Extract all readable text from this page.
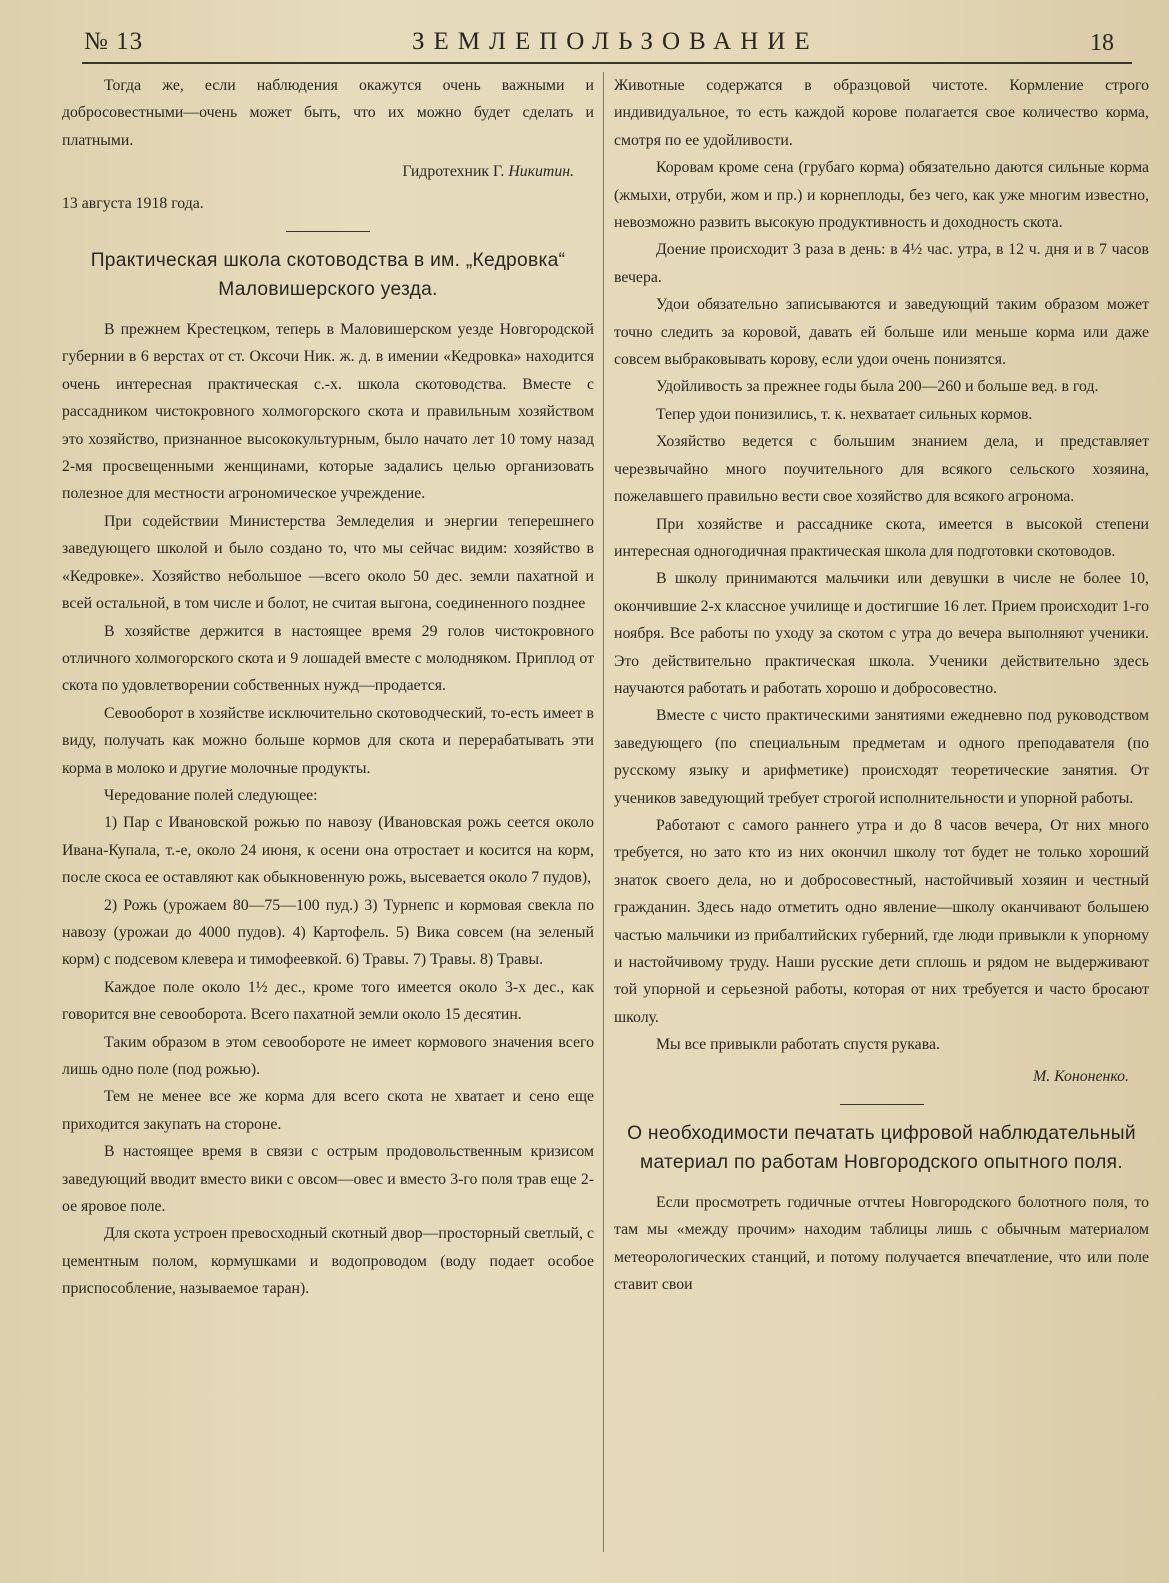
№ 13	ЗЕМЛЕПОЛЬЗОВАНИЕ	18

Тогда же, если наблюдения окажутся очень важными и добросовестными—очень может быть, что их можно будет сделать и платными.

Гидротехник Г. Никитин.

13 августа 1918 года.

Практическая школа скотоводства в им. „Кедровка“ Маловишерского уезда.

В прежнем Крестецком, теперь в Маловишерском уезде Новгородской губернии в 6 верстах от ст. Оксочи Ник. ж. д. в имении «Кедровка» находится очень интересная практическая с.-х. школа скотоводства. Вместе с рассадником чистокровного холмогорского скота и правильным хозяйством это хозяйство, признанное высококультурным, было начато лет 10 тому назад 2-мя просвещенными женщинами, которые задались целью организовать полезное для местности агрономическое учреждение.

При содействии Министерства Земледелия и энергии теперешнего заведующего школой и было создано то, что мы сейчас видим: хозяйство в «Кедровке». Хозяйство небольшое —всего около 50 дес. земли пахатной и всей остальной, в том числе и болот, не считая выгона, соединенного позднее

В хозяйстве держится в настоящее время 29 голов чистокровного отличного холмогорского скота и 9 лошадей вместе с молодняком. Приплод от скота по удовлетворении собственных нужд—продается.

Севооборот в хозяйстве исключительно скотоводческий, то-есть имеет в виду, получать как можно больше кормов для скота и перерабатывать эти корма в молоко и другие молочные продукты.

Чередование полей следующее:

1) Пар с Ивановской рожью по навозу (Ивановская рожь сеется около Ивана-Купала, т.-е, около 24 июня, к осени она отростает и косится на корм, после скоса ее оставляют как обыкновенную рожь, высевается около 7 пудов),

2) Рожь (урожаем 80—75—100 пуд.) 3) Турнепс и кормовая свекла по навозу (урожаи до 4000 пудов). 4) Картофель. 5) Вика совсем (на зеленый корм) с подсевом клевера и тимофеевкой. 6) Травы. 7) Травы. 8) Травы.

Каждое поле около 1½ дес., кроме того имеется около 3-х дес., как говорится вне севооборота. Всего пахатной земли около 15 десятин.

Таким образом в этом севообороте не имеет кормового значения всего лишь одно поле (под рожью).

Тем не менее все же корма для всего скота не хватает и сено еще приходится закупать на стороне.

В настоящее время в связи с острым продовольственным кризисом заведующий вводит вместо вики с овсом—овес и вместо 3-го поля трав еще 2-ое яровое поле.

Для скота устроен превосходный скотный двор—просторный светлый, с цементным полом, кормушками и водопроводом (воду подает особое приспособление, называемое таран).

Животные содержатся в образцовой чистоте. Кормление строго индивидуальное, то есть каждой корове полагается свое количество корма, смотря по ее удойливости.

Коровам кроме сена (грубаго корма) обязательно даются сильные корма (жмыхи, отруби, жом и пр.) и корнеплоды, без чего, как уже многим известно, невозможно развить высокую продуктивность и доходность скота.

Доение происходит 3 раза в день: в 4½ час. утра, в 12 ч. дня и в 7 часов вечера.

Удои обязательно записываются и заведующий таким образом может точно следить за коровой, давать ей больше или меньше корма или даже совсем выбраковывать корову, если удои очень понизятся.

Удойливость за прежнее годы была 200—260 и больше вед. в год.

Тепер удои понизились, т. к. нехватает сильных кормов.

Хозяйство ведется с большим знанием дела, и представляет черезвычайно много поучительного для всякого сельского хозяина, пожелавшего правильно вести свое хозяйство для всякого агронома.

При хозяйстве и рассаднике скота, имеется в высокой степени интересная одногодичная практическая школа для подготовки скотоводов.

В школу принимаются мальчики или девушки в числе не более 10, окончившие 2-х классное училище и достигшие 16 лет. Прием происходит 1-го ноября. Все работы по уходу за скотом с утра до вечера выполняют ученики. Это действительно практическая школа. Ученики действительно здесь научаются работать и работать хорошо и добросовестно.

Вместе с чисто практическими занятиями ежедневно под руководством заведующего (по специальным предметам и одного преподавателя (по русскому языку и арифметике) происходят теоретические занятия. От учеников заведующий требует строгой исполнительности и упорной работы.

Работают с самого раннего утра и до 8 часов вечера, От них много требуется, но зато кто из них окончил школу тот будет не только хороший знаток своего дела, но и добросовестный, настойчивый хозяин и честный гражданин. Здесь надо отметить одно явление—школу оканчивают большею частью мальчики из прибалтийских губерний, где люди привыкли к упорному и настойчивому труду. Наши русские дети сплошь и рядом не выдерживают той упорной и серьезной работы, которая от них требуется и часто бросают школу.

Мы все привыкли работать спустя рукава.

М. Кононенко.

О необходимости печатать цифровой наблюдательный материал по работам Новгородского опытного поля.

Если просмотреть годичные отчтеы Новгородского болотного поля, то там мы «между прочим» находим таблицы лишь с обычным материалом метеорологических станций, и потому получается впечатление, что или поле ставит свои
